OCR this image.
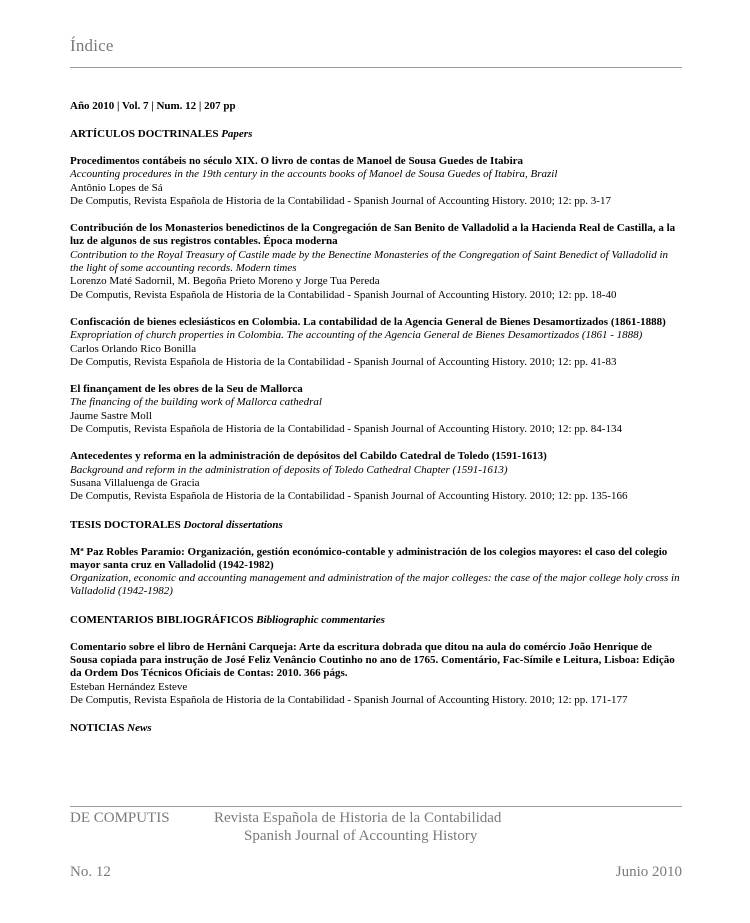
Índice
Año 2010 | Vol. 7 | Num. 12 | 207 pp
ARTÍCULOS DOCTRINALES Papers
Procedimentos contábeis no século XIX. O livro de contas de Manoel de Sousa Guedes de Itabira
Accounting procedures in the 19th century in the accounts books of Manoel de Sousa Guedes of Itabira, Brazil
Antônio Lopes de Sá
De Computis, Revista Española de Historia de la Contabilidad - Spanish Journal of Accounting History. 2010; 12: pp. 3-17
Contribución de los Monasterios benedictinos de la Congregación de San Benito de Valladolid a la Hacienda Real de Castilla, a la luz de algunos de sus registros contables. Época moderna
Contribution to the Royal Treasury of Castile made by the Benectine Monasteries of the Congregation of Saint Benedict of Valladolid in the light of some accounting records. Modern times
Lorenzo Maté Sadornil, M. Begoña Prieto Moreno y Jorge Tua Pereda
De Computis, Revista Española de Historia de la Contabilidad - Spanish Journal of Accounting History. 2010; 12: pp. 18-40
Confiscación de bienes eclesiásticos en Colombia. La contabilidad de la Agencia General de Bienes Desamortizados (1861-1888)
Expropriation of church properties in Colombia. The accounting of the Agencia General de Bienes Desamortizados (1861 - 1888)
Carlos Orlando Rico Bonilla
De Computis, Revista Española de Historia de la Contabilidad - Spanish Journal of Accounting History. 2010; 12: pp. 41-83
El finançament de les obres de la Seu de Mallorca
The financing of the building work of Mallorca cathedral
Jaume Sastre Moll
De Computis, Revista Española de Historia de la Contabilidad - Spanish Journal of Accounting History. 2010; 12: pp. 84-134
Antecedentes y reforma en la administración de depósitos del Cabildo Catedral de Toledo (1591-1613)
Background and reform in the administration of deposits of Toledo Cathedral Chapter (1591-1613)
Susana Villaluenga de Gracia
De Computis, Revista Española de Historia de la Contabilidad - Spanish Journal of Accounting History. 2010; 12: pp. 135-166
TESIS DOCTORALES Doctoral dissertations
Mª Paz Robles Paramio: Organización, gestión económico-contable y administración de los colegios mayores: el caso del colegio mayor santa cruz en Valladolid (1942-1982)
Organization, economic and accounting management and administration of the major colleges: the case of the major college holy cross in Valladolid (1942-1982)
COMENTARIOS BIBLIOGRÁFICOS Bibliographic commentaries
Comentario sobre el libro de Hernâni Carqueja: Arte da escritura dobrada que ditou na aula do comércio João Henrique de Sousa copiada para instrução de José Feliz Venâncio Coutinho no ano de 1765. Comentário, Fac-Símile e Leitura, Lisboa: Edição da Ordem Dos Técnicos Oficiais de Contas: 2010. 366 págs.
Esteban Hernández Esteve
De Computis, Revista Española de Historia de la Contabilidad - Spanish Journal of Accounting History. 2010; 12: pp. 171-177
NOTICIAS News
DE COMPUTIS	Revista Española de Historia de la Contabilidad
Spanish Journal of Accounting History
No. 12	Junio 2010
